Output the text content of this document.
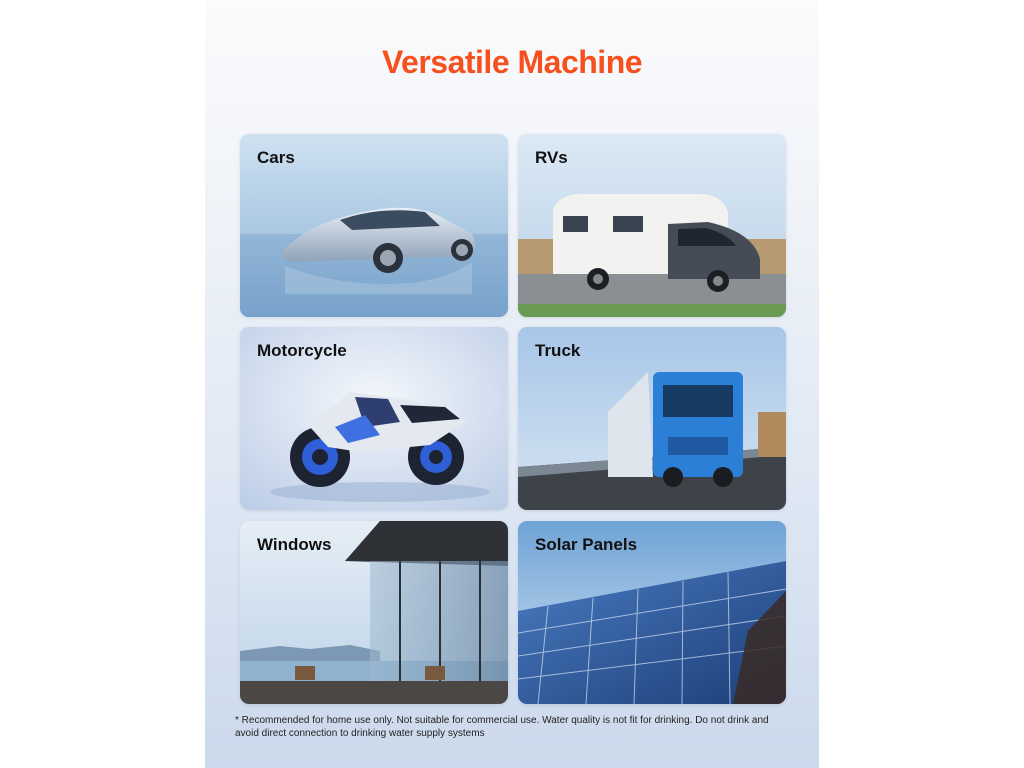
Versatile Machine
Cars	RVs
Motorcycle	Truck
Windows	Solar Panels

* Recommended for home use only. Not suitable for commercial use. Water quality is not fit for drinking. Do not drink and avoid direct connection to drinking water supply systems
